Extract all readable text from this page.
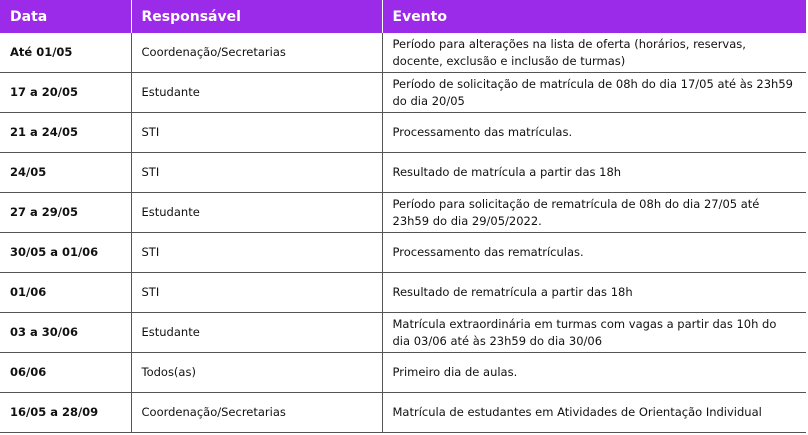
Data	Responsável	Evento
Até 01/05	Coordenação/Secretarias	Período para alterações na lista de oferta (horários, reservas, docente, exclusão e inclusão de turmas)
17 a 20/05	Estudante	Período de solicitação de matrícula de 08h do dia 17/05 até às 23h59 do dia 20/05
21 a 24/05	STI	Processamento das matrículas.
24/05	STI	Resultado de matrícula a partir das 18h
27 a 29/05	Estudante	Período para solicitação de rematrícula de 08h do dia 27/05 até 23h59 do dia 29/05/2022.
30/05 a 01/06	STI	Processamento das rematrículas.
01/06	STI	Resultado de rematrícula a partir das 18h
03 a 30/06	Estudante	Matrícula extraordinária em turmas com vagas a partir das 10h do dia 03/06 até às 23h59 do dia 30/06
06/06	Todos(as)	Primeiro dia de aulas.
16/05 a 28/09	Coordenação/Secretarias	Matrícula de estudantes em Atividades de Orientação Individual
